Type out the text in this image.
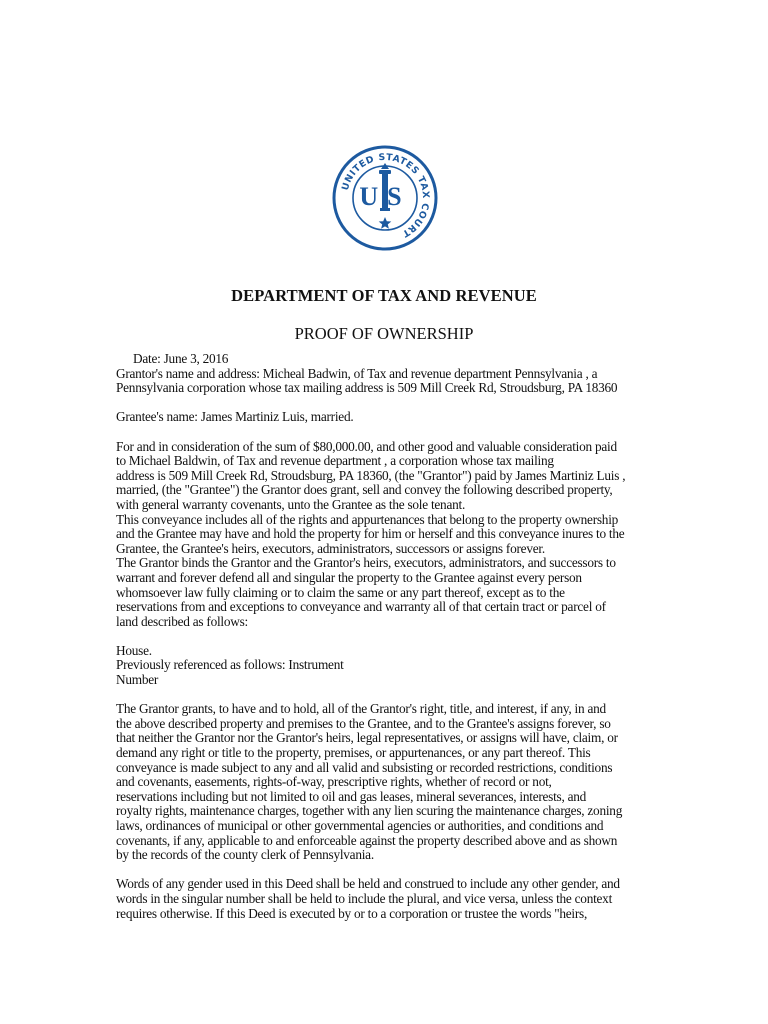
UNITED STATES TAX COURT
US
DEPARTMENT OF TAX AND REVENUE
PROOF OF OWNERSHIP
Date: June 3, 2016
Grantor's name and address: Micheal Badwin, of Tax and revenue department Pennsylvania , a
Pennsylvania corporation whose tax mailing address is 509 Mill Creek Rd, Stroudsburg, PA 18360
Grantee's name: James Martiniz Luis, married.
For and in consideration of the sum of $80,000.00, and other good and valuable consideration paid
to Michael Baldwin, of Tax and revenue department , a corporation whose tax mailing
address is 509 Mill Creek Rd, Stroudsburg, PA 18360, (the "Grantor") paid by James Martiniz Luis ,
married, (the "Grantee") the Grantor does grant, sell and convey the following described property,
with general warranty covenants, unto the Grantee as the sole tenant.
This conveyance includes all of the rights and appurtenances that belong to the property ownership
and the Grantee may have and hold the property for him or herself and this conveyance inures to the
Grantee, the Grantee's heirs, executors, administrators, successors or assigns forever.
The Grantor binds the Grantor and the Grantor's heirs, executors, administrators, and successors to
warrant and forever defend all and singular the property to the Grantee against every person
whomsoever law fully claiming or to claim the same or any part thereof, except as to the
reservations from and exceptions to conveyance and warranty all of that certain tract or parcel of
land described as follows:
House.
Previously referenced as follows: Instrument
Number
The Grantor grants, to have and to hold, all of the Grantor's right, title, and interest, if any, in and
the above described property and premises to the Grantee, and to the Grantee's assigns forever, so
that neither the Grantor nor the Grantor's heirs, legal representatives, or assigns will have, claim, or
demand any right or title to the property, premises, or appurtenances, or any part thereof. This
conveyance is made subject to any and all valid and subsisting or recorded restrictions, conditions
and covenants, easements, rights-of-way, prescriptive rights, whether of record or not,
reservations including but not limited to oil and gas leases, mineral severances, interests, and
royalty rights, maintenance charges, together with any lien scuring the maintenance charges, zoning
laws, ordinances of municipal or other governmental agencies or authorities, and conditions and
covenants, if any, applicable to and enforceable against the property described above and as shown
by the records of the county clerk of Pennsylvania.
Words of any gender used in this Deed shall be held and construed to include any other gender, and
words in the singular number shall be held to include the plural, and vice versa, unless the context
requires otherwise. If this Deed is executed by or to a corporation or trustee the words "heirs,
